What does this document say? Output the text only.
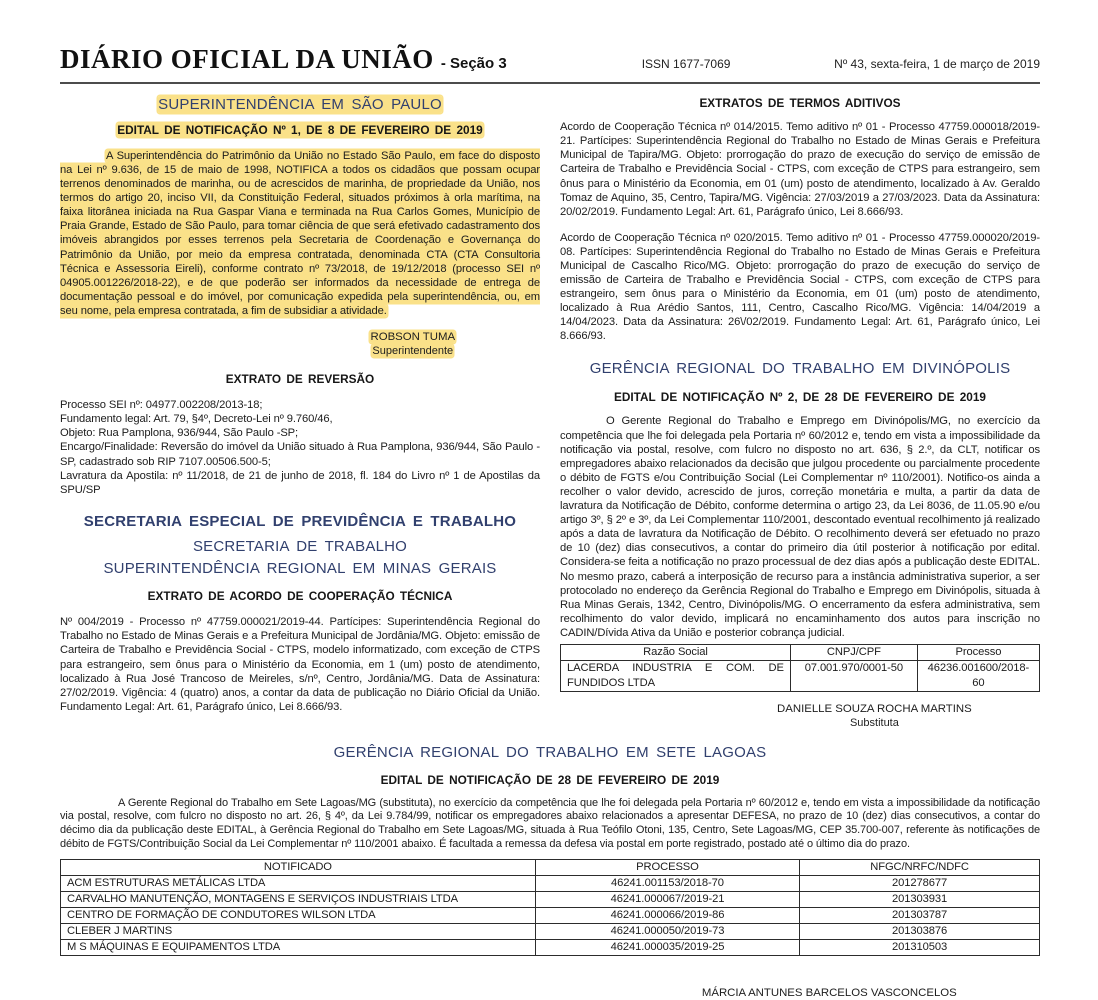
DIÁRIO OFICIAL DA UNIÃO - Seção 3	ISSN 1677-7069	Nº 43, sexta-feira, 1 de março de 2019
SUPERINTENDÊNCIA EM SÃO PAULO
EDITAL DE NOTIFICAÇÃO Nº 1, DE 8 DE FEVEREIRO DE 2019

A Superintendência do Patrimônio da União no Estado São Paulo, em face do disposto na Lei nº 9.636, de 15 de maio de 1998, NOTIFICA a todos os cidadãos que possam ocupar terrenos denominados de marinha, ou de acrescidos de marinha, de propriedade da União, nos termos do artigo 20, inciso VII, da Constituição Federal, situados próximos à orla marítima, na faixa litorânea iniciada na Rua Gaspar Viana e terminada na Rua Carlos Gomes, Município de Praia Grande, Estado de São Paulo, para tomar ciência de que será efetivado cadastramento dos imóveis abrangidos por esses terrenos pela Secretaria de Coordenação e Governança do Patrimônio da União, por meio da empresa contratada, denominada CTA (CTA Consultoria Técnica e Assessoria Eireli), conforme contrato nº 73/2018, de 19/12/2018 (processo SEI nº 04905.001226/2018-22), e de que poderão ser informados da necessidade de entrega de documentação pessoal e do imóvel, por comunicação expedida pela superintendência, ou, em seu nome, pela empresa contratada, a fim de subsidiar a atividade.

ROBSON TUMA
Superintendente
EXTRATO DE REVERSÃO

Processo SEI nº: 04977.002208/2013-18;

Fundamento legal: Art. 79, §4º, Decreto-Lei nº 9.760/46,

Objeto: Rua Pamplona, 936/944, São Paulo -SP;

Encargo/Finalidade: Reversão do imóvel da União situado à Rua Pamplona, 936/944, São Paulo -SP, cadastrado sob RIP 7107.00506.500-5;

Lavratura da Apostila: nº 11/2018, de 21 de junho de 2018, fl. 184 do Livro nº 1 de Apostilas da SPU/SP

SECRETARIA ESPECIAL DE PREVIDÊNCIA E TRABALHO
SECRETARIA DE TRABALHO
SUPERINTENDÊNCIA REGIONAL EM MINAS GERAIS
EXTRATO DE ACORDO DE COOPERAÇÃO TÉCNICA

Nº 004/2019 - Processo nº 47759.000021/2019-44. Partícipes: Superintendência Regional do Trabalho no Estado de Minas Gerais e a Prefeitura Municipal de Jordânia/MG. Objeto: emissão de Carteira de Trabalho e Previdência Social - CTPS, modelo informatizado, com exceção de CTPS para estrangeiro, sem ônus para o Ministério da Economia, em 1 (um) posto de atendimento, localizado à Rua José Trancoso de Meireles, s/nº, Centro, Jordânia/MG. Data de Assinatura: 27/02/2019. Vigência: 4 (quatro) anos, a contar da data de publicação no Diário Oficial da União. Fundamento Legal: Art. 61, Parágrafo único, Lei 8.666/93.

EXTRATOS DE TERMOS ADITIVOS

Acordo de Cooperação Técnica nº 014/2015. Temo aditivo nº 01 - Processo 47759.000018/2019-21. Partícipes: Superintendência Regional do Trabalho no Estado de Minas Gerais e Prefeitura Municipal de Tapira/MG. Objeto: prorrogação do prazo de execução do serviço de emissão de Carteira de Trabalho e Previdência Social - CTPS, com exceção de CTPS para estrangeiro, sem ônus para o Ministério da Economia, em 01 (um) posto de atendimento, localizado à Av. Geraldo Tomaz de Aquino, 35, Centro, Tapira/MG. Vigência: 27/03/2019 a 27/03/2023. Data da Assinatura: 20/02/2019. Fundamento Legal: Art. 61, Parágrafo único, Lei 8.666/93.

Acordo de Cooperação Técnica nº 020/2015. Temo aditivo nº 01 - Processo 47759.000020/2019-08. Partícipes: Superintendência Regional do Trabalho no Estado de Minas Gerais e Prefeitura Municipal de Cascalho Rico/MG. Objeto: prorrogação do prazo de execução do serviço de emissão de Carteira de Trabalho e Previdência Social - CTPS, com exceção de CTPS para estrangeiro, sem ônus para o Ministério da Economia, em 01 (um) posto de atendimento, localizado à Rua Arédio Santos, 111, Centro, Cascalho Rico/MG. Vigência: 14/04/2019 a 14/04/2023. Data da Assinatura: 26\/02/2019. Fundamento Legal: Art. 61, Parágrafo único, Lei 8.666/93.

GERÊNCIA REGIONAL DO TRABALHO EM DIVINÓPOLIS
EDITAL DE NOTIFICAÇÃO Nº 2, DE 28 DE FEVEREIRO DE 2019

O Gerente Regional do Trabalho e Emprego em Divinópolis/MG, no exercício da competência que lhe foi delegada pela Portaria nº 60/2012 e, tendo em vista a impossibilidade da notificação via postal, resolve, com fulcro no disposto no art. 636, § 2.º, da CLT, notificar os empregadores abaixo relacionados da decisão que julgou procedente ou parcialmente procedente o débito de FGTS e/ou Contribuição Social (Lei Complementar nº 110/2001). Notifico-os ainda a recolher o valor devido, acrescido de juros, correção monetária e multa, a partir da data de lavratura da Notificação de Débito, conforme determina o artigo 23, da Lei 8036, de 11.05.90 e/ou artigo 3º, § 2º e 3º, da Lei Complementar 110/2001, descontado eventual recolhimento já realizado após a data de lavratura da Notificação de Débito. O recolhimento deverá ser efetuado no prazo de 10 (dez) dias consecutivos, a contar do primeiro dia útil posterior à notificação por edital. Considera-se feita a notificação no prazo processual de dez dias após a publicação deste EDITAL. No mesmo prazo, caberá a interposição de recurso para a instância administrativa superior, a ser protocolado no endereço da Gerência Regional do Trabalho e Emprego em Divinópolis, situada à Rua Minas Gerais, 1342, Centro, Divinópolis/MG. O encerramento da esfera administrativa, sem recolhimento do valor devido, implicará no encaminhamento dos autos para inscrição no CADIN/Dívida Ativa da União e posterior cobrança judicial.

Razão Social	CNPJ/CPF	Processo
LACERDA INDUSTRIA E COM. DE FUNDIDOS LTDA	07.001.970/0001-50	46236.001600/2018-60
DANIELLE SOUZA ROCHA MARTINS
Substituta
GERÊNCIA REGIONAL DO TRABALHO EM SETE LAGOAS
EDITAL DE NOTIFICAÇÃO DE 28 DE FEVEREIRO DE 2019

A Gerente Regional do Trabalho em Sete Lagoas/MG (substituta), no exercício da competência que lhe foi delegada pela Portaria nº 60/2012 e, tendo em vista a impossibilidade da notificação via postal, resolve, com fulcro no disposto no art. 26, § 4º, da Lei 9.784/99, notificar os empregadores abaixo relacionados a apresentar DEFESA, no prazo de 10 (dez) dias consecutivos, a contar do décimo dia da publicação deste EDITAL, à Gerência Regional do Trabalho em Sete Lagoas/MG, situada à Rua Teófilo Otoni, 135, Centro, Sete Lagoas/MG, CEP 35.700-007, referente às notificações de débito de FGTS/Contribuição Social da Lei Complementar nº 110/2001 abaixo. É facultada a remessa da defesa via postal em porte registrado, postado até o último dia do prazo.

NOTIFICADO	PROCESSO	NFGC/NRFC/NDFC
ACM ESTRUTURAS METÁLICAS LTDA	46241.001153/2018-70	201278677
CARVALHO MANUTENÇÃO, MONTAGENS E SERVIÇOS INDUSTRIAIS LTDA	46241.000067/2019-21	201303931
CENTRO DE FORMAÇÃO DE CONDUTORES WILSON LTDA	46241.000066/2019-86	201303787
CLEBER J MARTINS	46241.000050/2019-73	201303876
M S MÁQUINAS E EQUIPAMENTOS LTDA	46241.000035/2019-25	201310503
MÁRCIA ANTUNES BARCELOS VASCONCELOS
